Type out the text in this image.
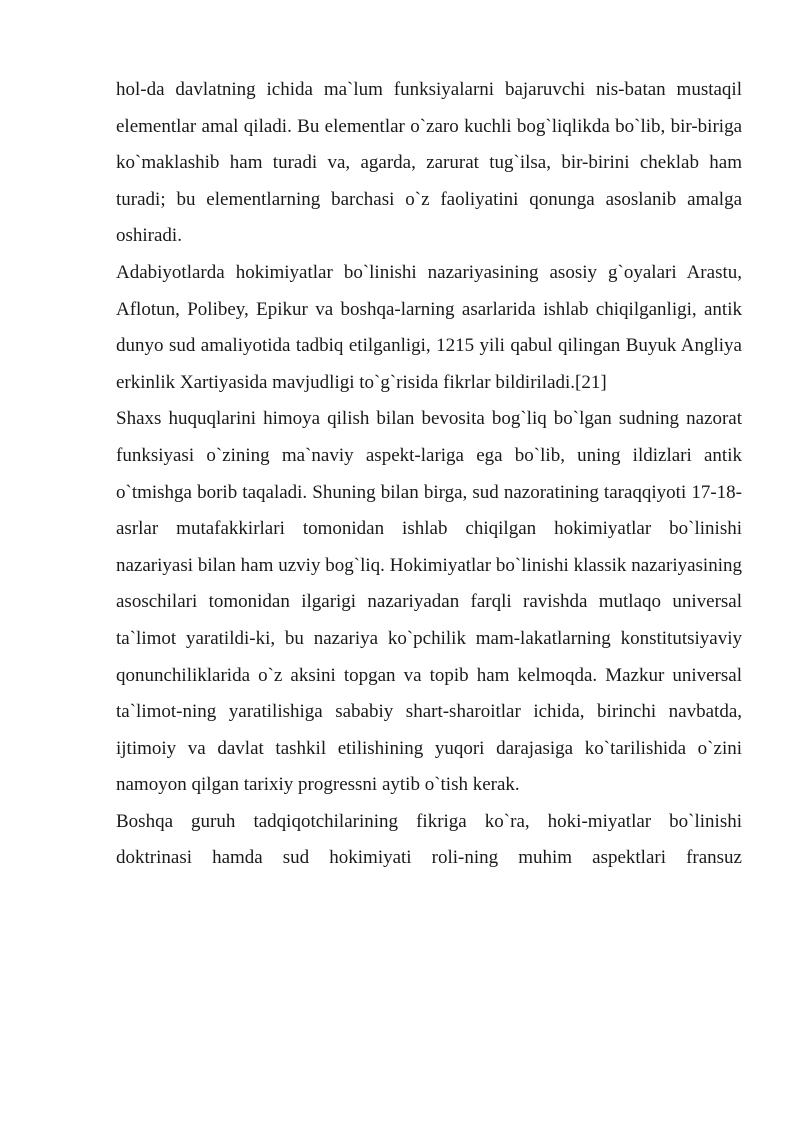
hol-da davlatning ichida ma`lum funksiyalarni bajaruvchi nis-batan mustaqil elementlar amal qiladi. Bu elementlar o`zaro kuchli bog`liqlikda bo`lib, bir-biriga ko`maklashib ham turadi va, agarda, zarurat tug`ilsa, bir-birini cheklab ham turadi; bu elementlarning barchasi o`z faoliyatini qonunga asoslanib amalga oshiradi.

Adabiyotlarda hokimiyatlar bo`linishi nazariyasining asosiy g`oyalari Arastu, Aflotun, Polibey, Epikur va boshqa-larning asarlarida ishlab chiqilganligi, antik dunyo sud amaliyotida tadbiq etilganligi, 1215 yili qabul qilingan Buyuk Angliya erkinlik Xartiyasida mavjudligi to`g`risida fikrlar bildiriladi.[21]

Shaxs huquqlarini himoya qilish bilan bevosita bog`liq bo`lgan sudning nazorat funksiyasi o`zining ma`naviy aspekt-lariga ega bo`lib, uning ildizlari antik o`tmishga borib taqaladi. Shuning bilan birga, sud nazoratining taraqqiyoti 17-18-asrlar mutafakkirlari tomonidan ishlab chiqilgan hokimiyatlar bo`linishi nazariyasi bilan ham uzviy bog`liq. Hokimiyatlar bo`linishi klassik nazariyasining asoschilari tomonidan ilgarigi nazariyadan farqli ravishda mutlaqo universal ta`limot yaratildi-ki, bu nazariya ko`pchilik mam-lakatlarning konstitutsiyaviy qonunchiliklarida o`z aksini topgan va topib ham kelmoqda. Mazkur universal ta`limot-ning yaratilishiga sababiy shart-sharoitlar ichida, birinchi navbatda, ijtimoiy va davlat tashkil etilishining yuqori darajasiga ko`tarilishida o`zini namoyon qilgan tarixiy progressni aytib o`tish kerak.

Boshqa guruh tadqiqotchilarining fikriga ko`ra, hoki-miyatlar bo`linishi doktrinasi hamda sud hokimiyati roli-ning muhim aspektlari fransuz
